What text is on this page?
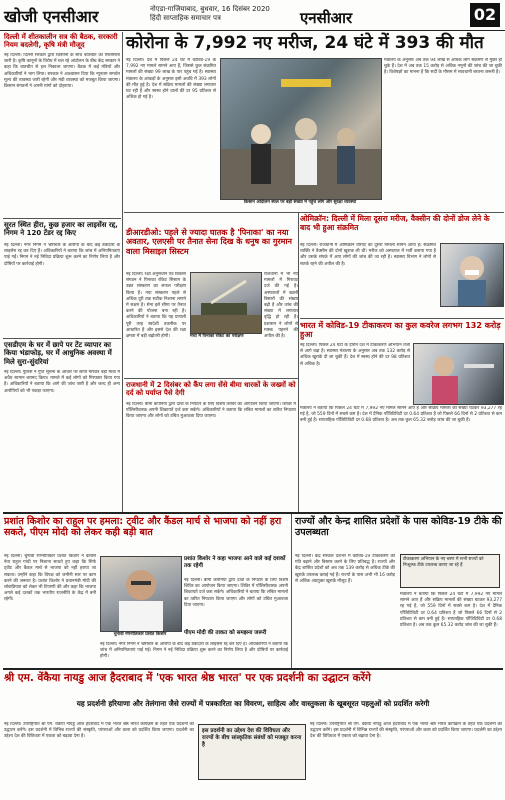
खोजी एनसीआर	नोएडा-गाजियाबाद, बुधवार, 16 दिसंबर 2020
हिंदी साप्ताहिक समाचार पत्र	एनसीआर	02
दिल्ली में शीतकालीन सत्र की बैठक, सरकारी नियम बदलेगी, कृषि मंत्री मौजूद
नई दिल्ली। दिल्ली सरकार द्वारा किसानों के साथ बातचीत का सिलसिला जारी है। कृषि कानूनों के विरोध में चल रहे आंदोलन के बीच केंद्र सरकार ने कहा कि बातचीत से हल निकाला जाएगा। बैठक में कई मंत्रियों और अधिकारियों ने भाग लिया। सरकार ने आश्वासन दिया कि न्यूनतम समर्थन मूल्य की व्यवस्था जारी रहेगी और मंडी व्यवस्था को मजबूत किया जाएगा। किसान संगठनों ने अपनी मांगों को दोहराया।
सूरत स्थित हीरा, कुछ हजार का लाइसेंस रद्द, निगम ने 120 टेंडर रद्द किए
नई दिल्ली। नगर निगम ने भ्रष्टाचार के आरोपों के बाद कई ठेकेदारों के लाइसेंस रद्द कर दिए हैं। अधिकारियों ने बताया कि जांच में अनियमितताएं पाई गईं। निगम ने नई निविदा प्रक्रिया शुरू करने का निर्णय लिया है और दोषियों पर कार्रवाई होगी।
एसडीएम के घर में छापे पर टेंट व्यापार का किया भंडाफोड़, घर में आधुनिक अवस्था में मिले सुरा-सुंदरियां
नई दिल्ली। पुलिस ने गुप्त सूचना के आधार पर छापा मारकर बड़ी मात्रा में अवैध सामान बरामद किया। मामले में कई लोगों को गिरफ्तार किया गया है। अधिकारियों ने बताया कि आगे की जांच जारी है और जल्द ही अन्य आरोपियों को भी पकड़ा जाएगा।
कोरोना के 7,992 नए मरीज, 24 घंटे में 393 की मौत
नई दिल्ली। देश में पिछले 24 घंटे में कोविड-19 के 7,992 नए मामले सामने आए हैं, जिससे कुल संक्रमित मामलों की संख्या 99 लाख के पार पहुंच गई है। स्वास्थ्य मंत्रालय के आंकड़ों के अनुसार इसी अवधि में 393 लोगों की मौत हुई है। देश में सक्रिय मामलों की संख्या लगातार घट रही है और स्वस्थ होने वालों की दर 95 प्रतिशत से अधिक हो गई है।
किसान आंदोलन स्थल पर बड़ी संख्या में पहुंचे लोग और सुरक्षा व्यवस्था
मंत्रालय के अनुसार अब तक 94 लाख से अधिक लोग संक्रमण से मुक्त हो चुके हैं। देश में अब तक 15 करोड़ से अधिक नमूनों की जांच की जा चुकी है। विशेषज्ञों का मानना है कि सर्दी के मौसम में सावधानी बरतना जरूरी है।
ओमिक्रॉन: दिल्ली में मिला दूसरा मरीज, वैक्सीन की दोनों डोज लेने के बाद भी हुआ संक्रमित
नई दिल्ली। राजधानी में ओमिक्रॉन वैरिएंट का दूसरा मामला सामने आया है। संक्रमित व्यक्ति ने वैक्सीन की दोनों खुराक ली थीं। मरीज को अस्पताल में भर्ती कराया गया है और उसके संपर्क में आए लोगों की जांच की जा रही है। स्वास्थ्य विभाग ने लोगों से सतर्क रहने की अपील की है।
डीआरडीओ: पहले से ज्यादा घातक है 'पिनाका' का नया अवतार, एलएसी पर तैनात सेना दिख के धनुष का गुरमान वाला मिसाइल सिस्टम
नई दिल्ली। रक्षा अनुसंधान एवं विकास संगठन ने पिनाका रॉकेट सिस्टम के उन्नत संस्करण का सफल परीक्षण किया है। नया संस्करण पहले से अधिक दूरी तक सटीक निशाना लगाने में सक्षम है। सेना इसे सीमा पर तैनात करने की योजना बना रही है। अधिकारियों ने बताया कि यह प्रणाली पूरी तरह स्वदेशी तकनीक पर आधारित है और इससे देश की रक्षा क्षमता में बड़ी बढ़ोतरी होगी।	मध्य में पिनाका रॉकेट का परीक्षण
राजधानी में भी नए मामलों में गिरावट दर्ज की गई है। अस्पतालों में खाली बिस्तरों की संख्या बढ़ी है और जांच की संख्या में लगातार वृद्धि हो रही है। प्रशासन ने लोगों से मास्क पहनने की अपील की है।
भारत में कोविड-19 टीकाकरण का कुल कवरेज लगभग 132 करोड़ हुआ
नई दिल्ली। पिछले 24 घंटों के दौरान देश में टीकाकरण अभियान तेजी से आगे बढ़ा है। स्वास्थ्य मंत्रालय के अनुसार अब तक 132 करोड़ से अधिक खुराकें दी जा चुकी हैं। देश में स्वस्थ होने की दर 98 प्रतिशत से अधिक है।
मंत्रालय ने बताया कि पिछले 24 घंटों में 7,992 नए मामले सामने आए हैं और सक्रिय मामलों की संख्या घटकर 93,277 रह गई है, जो 559 दिनों में सबसे कम है। देश में दैनिक पॉजिटिविटी दर 0.64 प्रतिशत है जो पिछले 66 दिनों से 2 प्रतिशत से कम बनी हुई है। साप्ताहिक पॉजिटिविटी दर 0.68 प्रतिशत है। अब तक कुल 65.32 करोड़ जांच की जा चुकी हैं।
राजधानी में 2 दिसंबर को कैंप लगा सेंसे बीमा धारकों के जख्मों को दर्द को पर्याप्त पैसे देगी
नई दिल्ली। बीमा कंपनियों द्वारा दावों के निपटारे के लिए विशेष शिविर का आयोजन किया जाएगा। शिविर में पॉलिसीधारक अपनी शिकायतें दर्ज करा सकेंगे। अधिकारियों ने बताया कि लंबित मामलों का त्वरित निपटारा किया जाएगा और लोगों को उचित मुआवजा दिया जाएगा।
प्रशांत किशोर का राहुल पर हमला: ट्वीट और कैंडल मार्च से भाजपा को नहीं हरा सकते, पीएम मोदी को लेकर कही बड़ी बात
नई दिल्ली। चुनावी रणनीतिकार प्रशांत किशोर ने कांग्रेस नेता राहुल गांधी पर निशाना साधते हुए कहा कि सिर्फ ट्वीट और कैंडल मार्च से भाजपा को नहीं हराया जा सकता। उन्होंने कहा कि विपक्ष को जमीनी स्तर पर काम करने की जरूरत है। प्रशांत किशोर ने प्रधानमंत्री मोदी की लोकप्रियता को लेकर भी टिप्पणी की और कहा कि भाजपा अगले कई दशकों तक भारतीय राजनीति के केंद्र में बनी रहेगी।
चुनावी रणनीतिकार प्रशांत किशोर
प्रशांत किशोर ने कहा भाजपा आने वाले कई दशकों तक रहेगी
नई दिल्ली। बीमा कंपनियों द्वारा दावों के निपटारे के लिए विशेष शिविर का आयोजन किया जाएगा। शिविर में पॉलिसीधारक अपनी शिकायतें दर्ज करा सकेंगे। अधिकारियों ने बताया कि लंबित मामलों का त्वरित निपटारा किया जाएगा और लोगों को उचित मुआवजा दिया जाएगा।
पीएम मोदी की ताकत को समझना जरूरी
नई दिल्ली। नगर निगम ने भ्रष्टाचार के आरोपों के बाद कई ठेकेदारों के लाइसेंस रद्द कर दिए हैं। अधिकारियों ने बताया कि जांच में अनियमितताएं पाई गईं। निगम ने नई निविदा प्रक्रिया शुरू करने का निर्णय लिया है और दोषियों पर कार्रवाई होगी।
राज्यों और केन्द्र शासित प्रदेशों के पास कोविड-19 टीके की उपलब्धता
नई दिल्ली। केंद्र सरकार देशभर में कोविड-19 टीकाकरण की गति बढ़ाने और विस्तार करने के लिए प्रतिबद्ध है। राज्यों और केंद्र शासित प्रदेशों को अब तक 139 करोड़ से अधिक टीके की खुराकें उपलब्ध कराई गई हैं। राज्यों के पास अभी भी 16 करोड़ से अधिक अप्रयुक्त खुराकें मौजूद हैं।
टीकाकरण अभियान के नए चरण में सभी राज्यों को निःशुल्क टीके उपलब्ध कराए जा रहे हैं
मंत्रालय ने बताया कि पिछले 24 घंटों में 7,992 नए मामले सामने आए हैं और सक्रिय मामलों की संख्या घटकर 93,277 रह गई है, जो 559 दिनों में सबसे कम है। देश में दैनिक पॉजिटिविटी दर 0.64 प्रतिशत है जो पिछले 66 दिनों से 2 प्रतिशत से कम बनी हुई है। साप्ताहिक पॉजिटिविटी दर 0.68 प्रतिशत है। अब तक कुल 65.32 करोड़ जांच की जा चुकी हैं।
श्री एम. वेंकैया नायडु आज हैदराबाद में 'एक भारत श्रेष्ठ भारत' पर एक प्रदर्शनी का उद्घाटन करेंगे
यह प्रदर्शनी हरियाणा और तेलंगाना जैसे राज्यों में पत्रकारिता का विवरण, साहित्य और वास्तुकला के खूबसूरत पहलुओं को प्रदर्शित करेगी
नई दिल्ली। उपराष्ट्रपति श्री एम. वेंकैया नायडु आज हैदराबाद में एक भारत श्रेष्ठ भारत कार्यक्रम के तहत एक प्रदर्शनी का उद्घाटन करेंगे। इस प्रदर्शनी में विभिन्न राज्यों की संस्कृति, परंपराओं और कला को प्रदर्शित किया जाएगा। प्रदर्शनी का उद्देश्य देश की विविधता में एकता को बढ़ावा देना है।
इस प्रदर्शनी का उद्देश्य देश की विविधता और राज्यों के बीच सांस्कृतिक संबंधों को मजबूत करना है
नई दिल्ली। उपराष्ट्रपति श्री एम. वेंकैया नायडु आज हैदराबाद में एक भारत श्रेष्ठ भारत कार्यक्रम के तहत एक प्रदर्शनी का उद्घाटन करेंगे। इस प्रदर्शनी में विभिन्न राज्यों की संस्कृति, परंपराओं और कला को प्रदर्शित किया जाएगा। प्रदर्शनी का उद्देश्य देश की विविधता में एकता को बढ़ावा देना है।
